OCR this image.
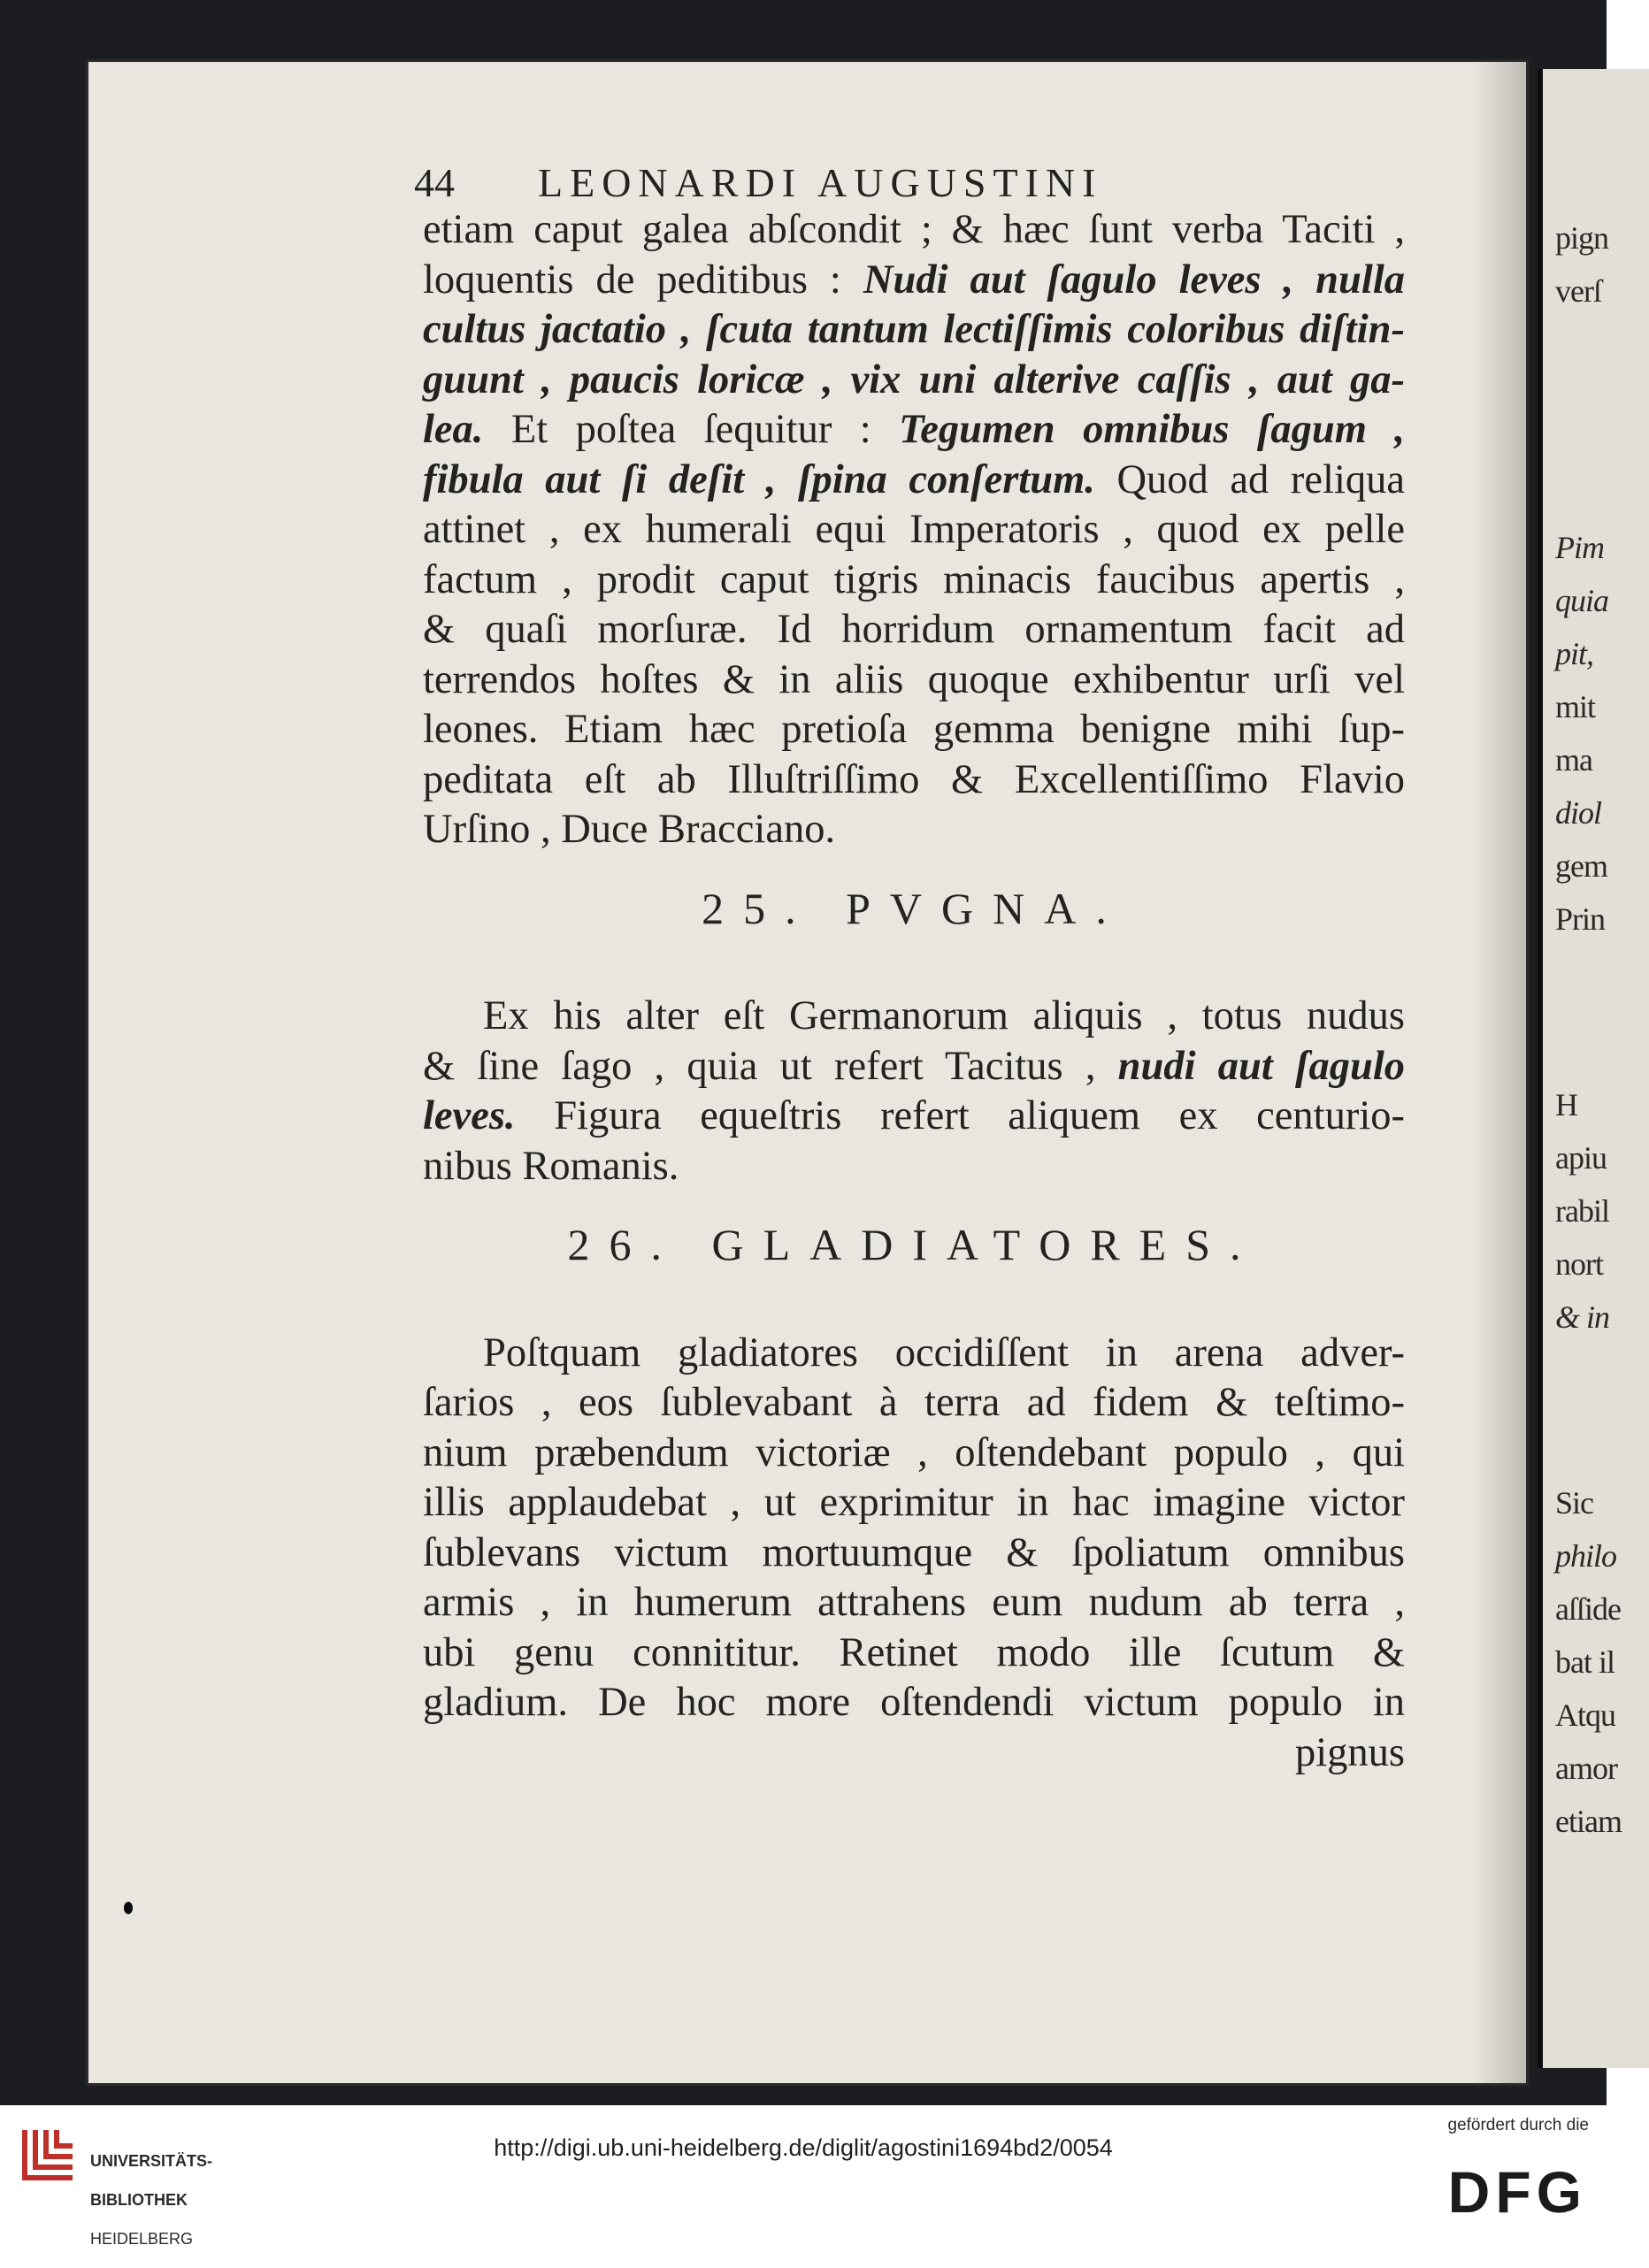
pign
verſ
Pim
quia
pit,
mit
ma
diol
gem
Prin
H
apiu
rabil
nort
& in
Sic
philo
aſſide
bat il
Atqu
amor
etiam
44 LEONARDI AUGUSTINI
etiam caput galea abſcondit ; & hæc ſunt verba Taciti ,
loquentis de peditibus : Nudi aut ſagulo leves , nulla
cultus jactatio , ſcuta tantum lectiſſimis coloribus diſtin-
guunt , paucis loricæ , vix uni alterive caſſis , aut ga-
lea. Et poſtea ſequitur : Tegumen omnibus ſagum ,
fibula aut ſi deſit , ſpina conſertum. Quod ad reliqua
attinet , ex humerali equi Imperatoris , quod ex pelle
factum , prodit caput tigris minacis faucibus apertis ,
& quaſi morſuræ. Id horridum ornamentum facit ad
terrendos hoſtes & in aliis quoque exhibentur urſi vel
leones. Etiam hæc pretioſa gemma benigne mihi ſup-
peditata eſt ab Illuſtriſſimo & Excellentiſſimo Flavio
Urſino , Duce Bracciano.
25. PVGNA.
Ex his alter eſt Germanorum aliquis , totus nudus
& ſine ſago , quia ut refert Tacitus , nudi aut ſagulo
leves. Figura equeſtris refert aliquem ex centurio-
nibus Romanis.
26. GLADIATORES.
Poſtquam gladiatores occidiſſent in arena adver-
ſarios , eos ſublevabant à terra ad fidem & teſtimo-
nium præbendum victoriæ , oſtendebant populo , qui
illis applaudebat , ut exprimitur in hac imagine victor
ſublevans victum mortuumque & ſpoliatum omnibus
armis , in humerum attrahens eum nudum ab terra ,
ubi genu connititur. Retinet modo ille ſcutum &
gladium. De hoc more oſtendendi victum populo in
pignus

UNIVERSITÄTS-

BIBLIOTHEK

HEIDELBERG

http://digi.ub.uni-heidelberg.de/diglit/agostini1694bd2/0054
gefördert durch die
DFG
